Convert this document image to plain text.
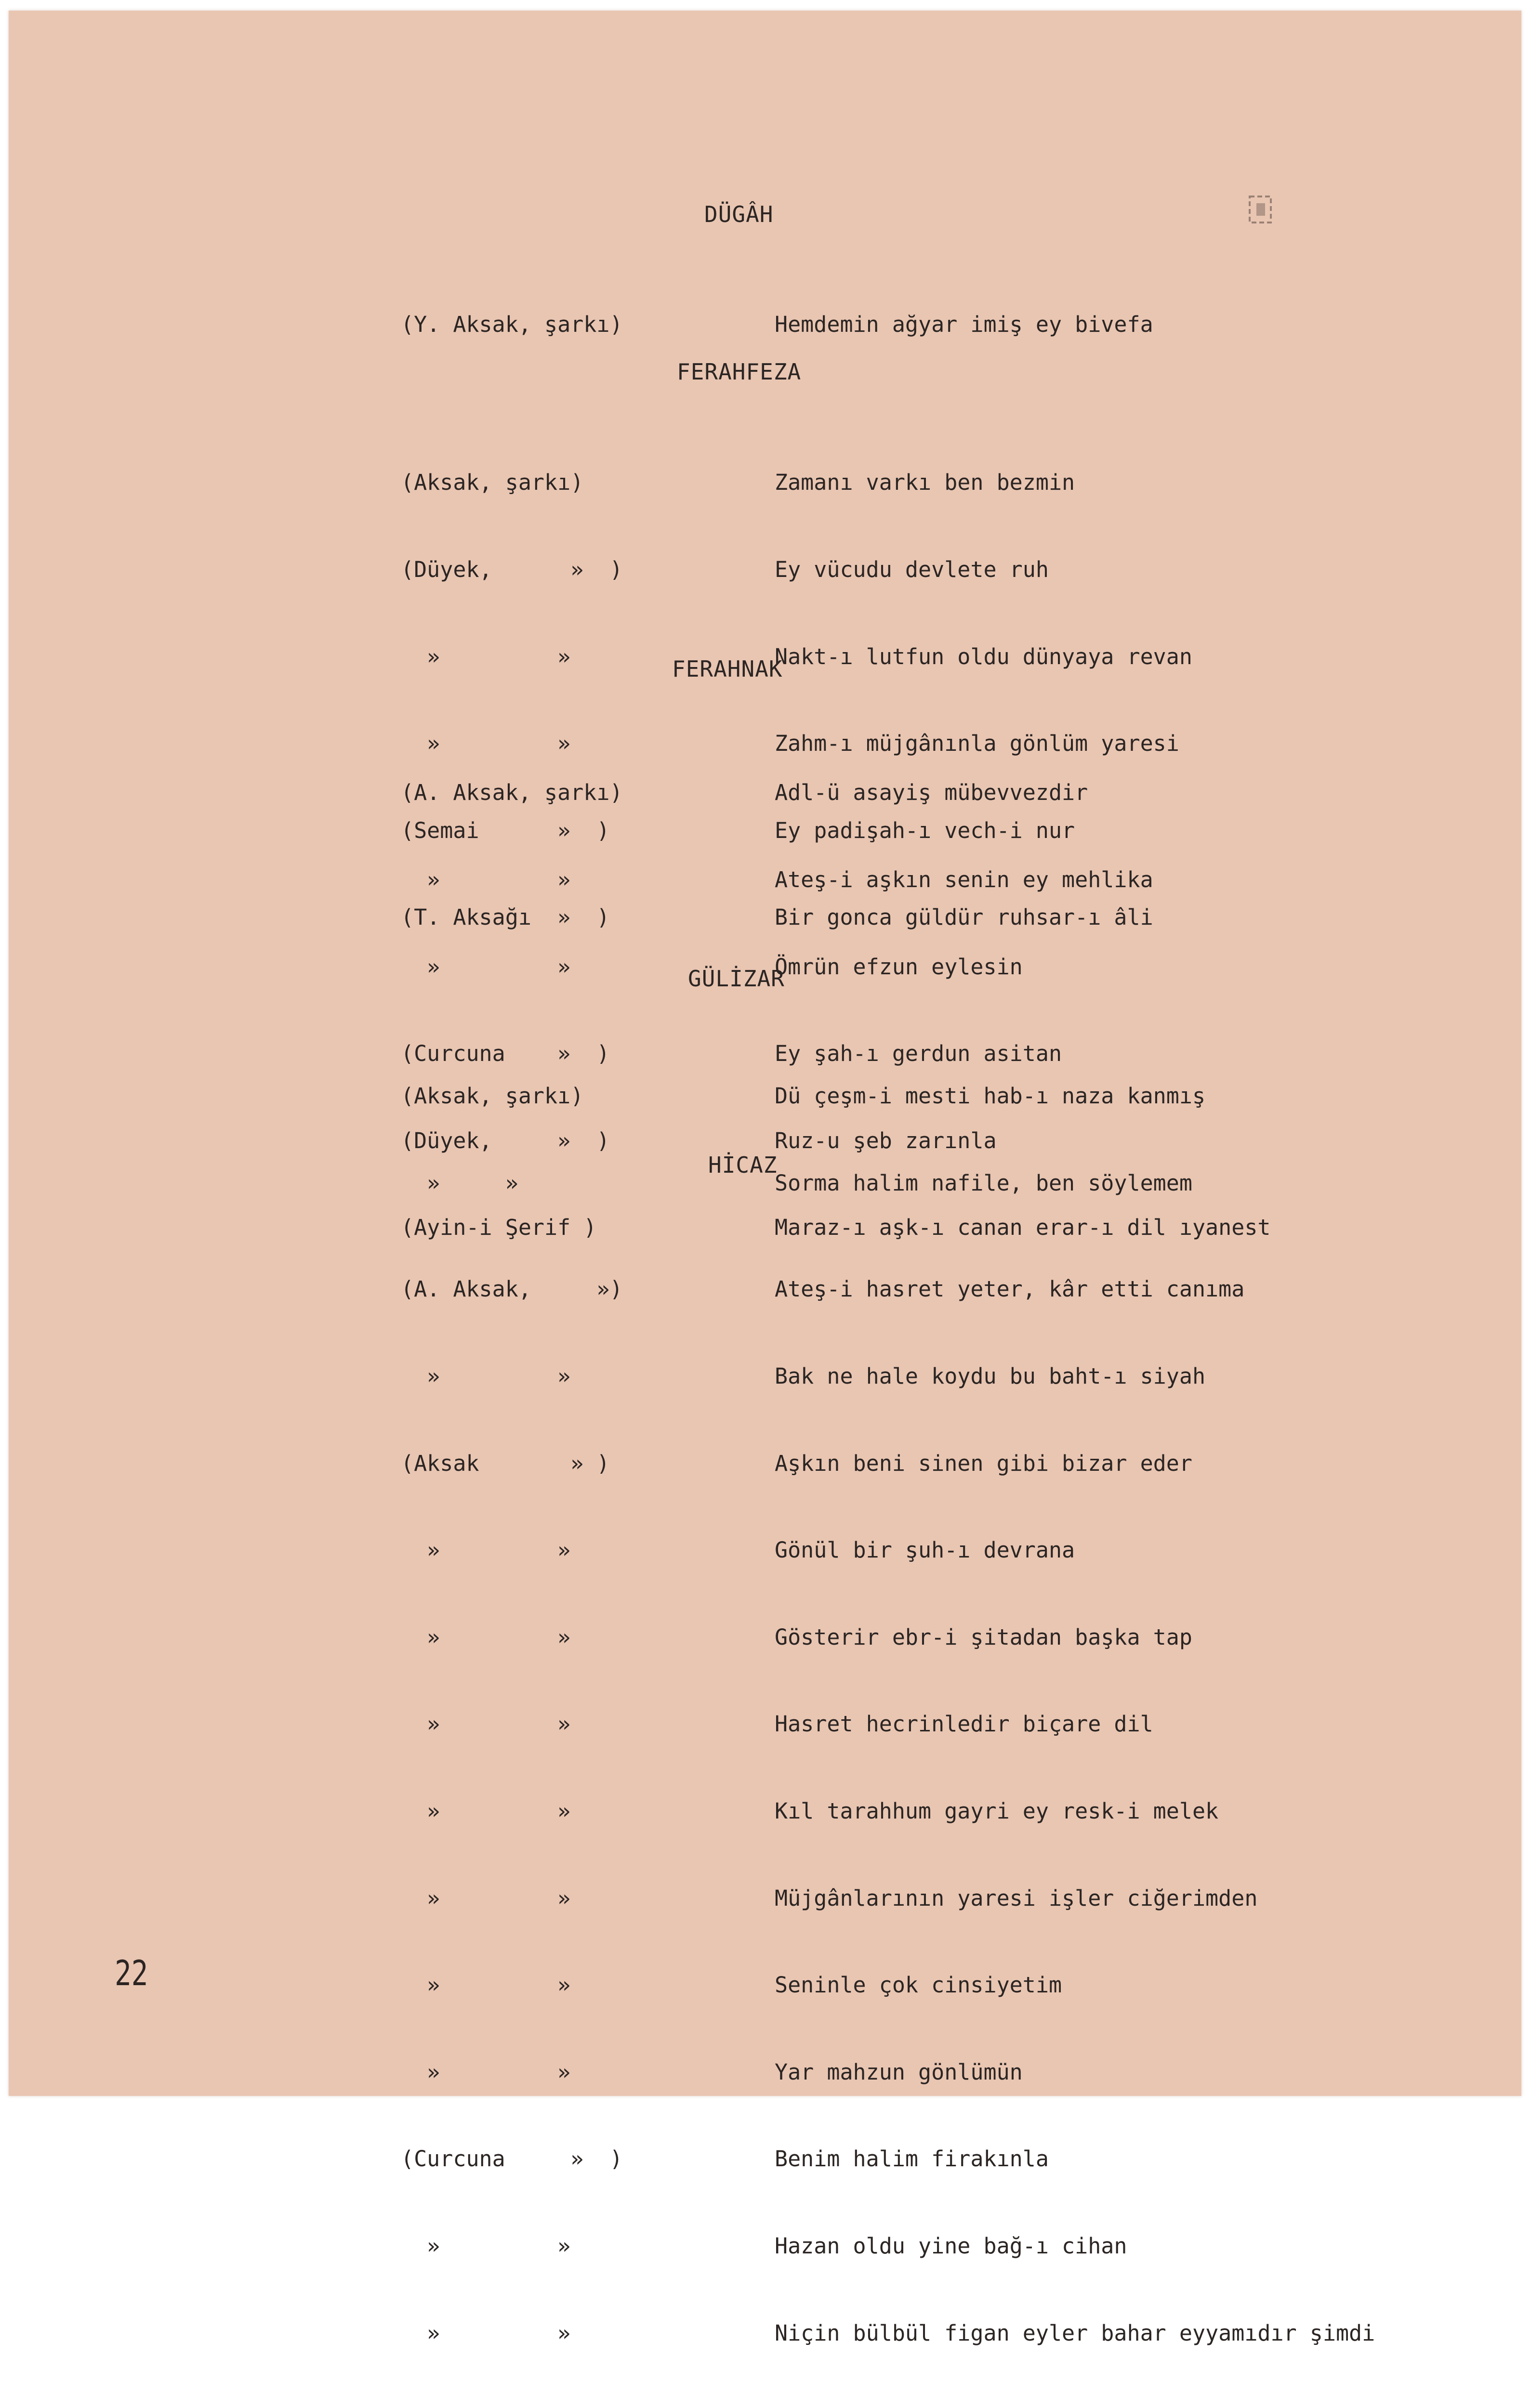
DÜGÂH

(Y. Aksak, şarkı)

	Hemdemin ağyar imiş ey bivefa

FERAHFEZA

(Aksak, şarkı)

(Düyek,      »  )

»         »

»         »

(Semai      »  )

(T. Aksağı  »  )

Zamanı varkı ben bezmin

Ey vücudu devlete ruh

Nakt-ı lutfun oldu dünyaya revan

Zahm-ı müjgânınla gönlüm yaresi

Ey padişah-ı vech-i nur

Bir gonca güldür ruhsar-ı âli

FERAHNAK

(A. Aksak, şarkı)

»         »

»         »

(Curcuna    »  )

(Düyek,     »  )

(Ayin-i Şerif )

Adl-ü asayiş mübevvezdir

Ateş-i aşkın senin ey mehlika

Ömrün efzun eylesin

Ey şah-ı gerdun asitan

Ruz-u şeb zarınla

Maraz-ı aşk-ı canan erar-ı dil ıyanest

GÜLİZAR

(Aksak, şarkı)

»     »

Dü çeşm-i mesti hab-ı naza kanmış

Sorma halim nafile, ben söylemem

HİCAZ

(A. Aksak,     »)

»         »

(Aksak       » )

»         »

»         »

»         »

»         »

»         »

»         »

»         »

(Curcuna     »  )

»         »

»         »

Ateş-i hasret yeter, kâr etti canıma

Bak ne hale koydu bu baht-ı siyah

Aşkın beni sinen gibi bizar eder

Gönül bir şuh-ı devrana

Gösterir ebr-i şitadan başka tap

Hasret hecrinledir biçare dil

Kıl tarahhum gayri ey resk-i melek

Müjgânlarının yaresi işler ciğerimden

Seninle çok cinsiyetim

Yar mahzun gönlümün

Benim halim firakınla

Hazan oldu yine bağ-ı cihan

Niçin bülbül figan eyler bahar eyyamıdır şimdi

22
